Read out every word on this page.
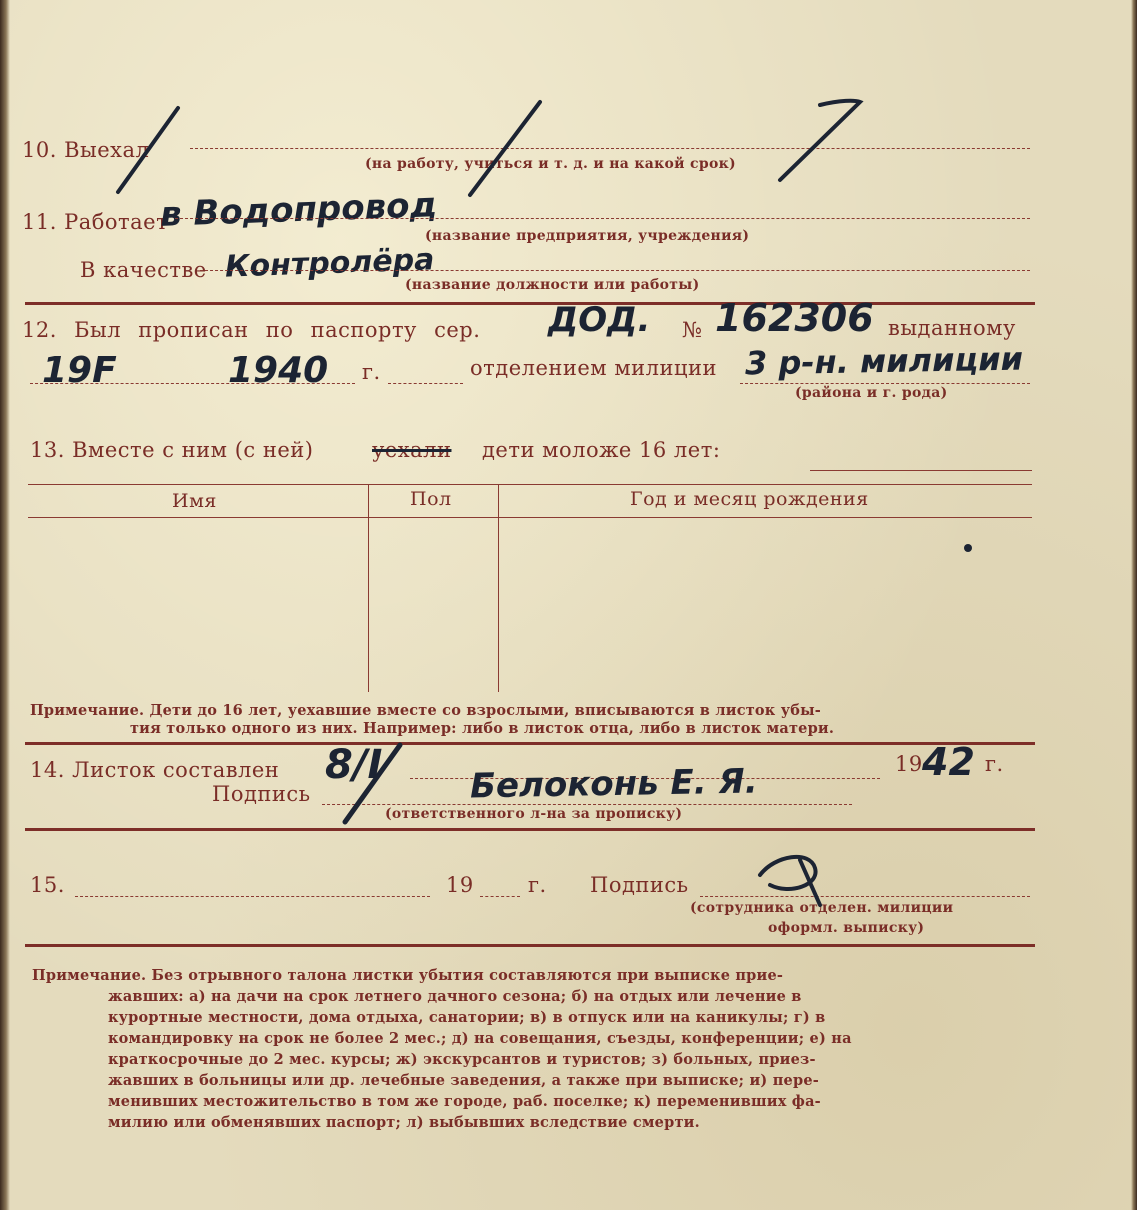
10. Выехал
(на работу, учиться и т. д. и на какой срок)
11. Работает
в Водопровод
(название предприятия, учреждения)
В качестве Контролёра
(название должности или работы)
12. Был прописан по паспорту сер. ДОД. № 162306 выданному
19F	1940 г.	отделением милиции 3 р-н. милиции
(района и г. рода)
13. Вместе с ним (с ней)	уехали дети моложе 16 лет:
Имя	Пол	Год и месяц рождения
Примечание. Дети до 16 лет, уехавшие вместе со взрослыми, вписываются в листок убы-
тия только одного из них. Например: либо в листок отца, либо в листок матери.
14. Листок составлен 8/I	19 42 г.
Подпись	Белоконь Е. Я.
(ответственного л-на за прописку)
15.	19	г. Подпись
(сотрудника отделен. милиции
оформл. выписку)
Примечание. Без отрывного талона листки убытия составляются при выписке прие-
жавших: а) на дачи на срок летнего дачного сезона; б) на отдых или лечение в
курортные местности, дома отдыха, санатории; в) в отпуск или на каникулы; г) в
командировку на срок не более 2 мес.; д) на совещания, съезды, конференции; е) на
краткосрочные до 2 мес. курсы; ж) экскурсантов и туристов; з) больных, приез-
жавших в больницы или др. лечебные заведения, а также при выписке; и) пере-
менивших местожительство в том же городе, раб. поселке; к) переменивших фа-
милию или обменявших паспорт; л) выбывших вследствие смерти.
